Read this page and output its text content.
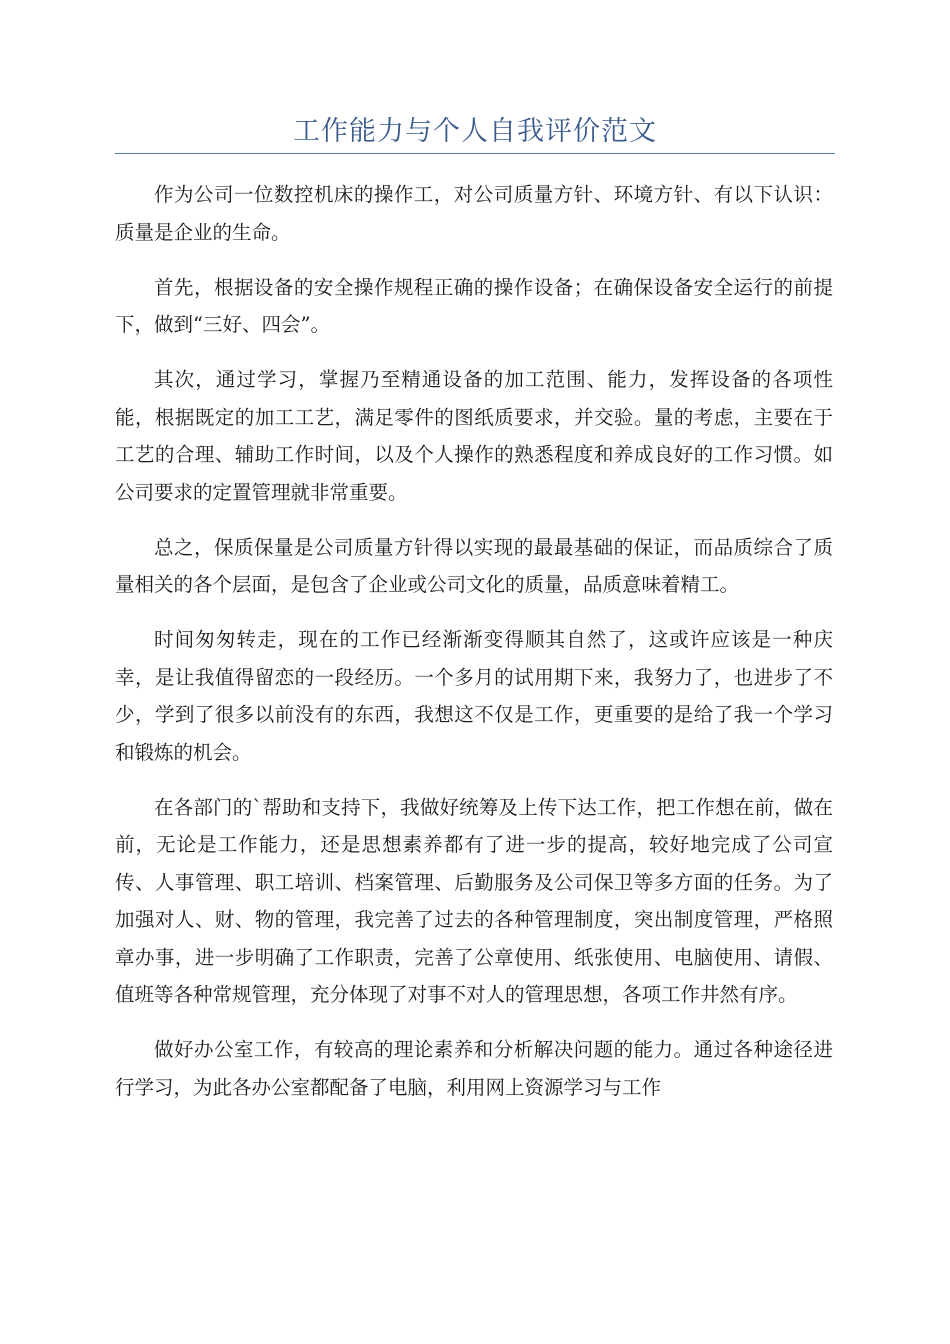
工作能力与个人自我评价范文

作为公司一位数控机床的操作工，对公司质量方针、环境方针、有以下认识：质量是企业的生命。

首先，根据设备的安全操作规程正确的操作设备；在确保设备安全运行的前提下，做到“三好、四会”。

其次，通过学习，掌握乃至精通设备的加工范围、能力，发挥设备的各项性能，根据既定的加工工艺，满足零件的图纸质要求，并交验。量的考虑，主要在于工艺的合理、辅助工作时间，以及个人操作的熟悉程度和养成良好的工作习惯。如公司要求的定置管理就非常重要。

总之，保质保量是公司质量方针得以实现的最最基础的保证，而品质综合了质量相关的各个层面，是包含了企业或公司文化的质量，品质意味着精工。

时间匆匆转走，现在的工作已经渐渐变得顺其自然了，这或许应该是一种庆幸，是让我值得留恋的一段经历。一个多月的试用期下来，我努力了，也进步了不少，学到了很多以前没有的东西，我想这不仅是工作，更重要的是给了我一个学习和锻炼的机会。

在各部门的`帮助和支持下，我做好统筹及上传下达工作，把工作想在前，做在前，无论是工作能力，还是思想素养都有了进一步的提高，较好地完成了公司宣传、人事管理、职工培训、档案管理、后勤服务及公司保卫等多方面的任务。为了加强对人、财、物的管理，我完善了过去的各种管理制度，突出制度管理，严格照章办事，进一步明确了工作职责，完善了公章使用、纸张使用、电脑使用、请假、值班等各种常规管理，充分体现了对事不对人的管理思想，各项工作井然有序。

做好办公室工作，有较高的理论素养和分析解决问题的能力。通过各种途径进行学习，为此各办公室都配备了电脑，利用网上资源学习与工作
